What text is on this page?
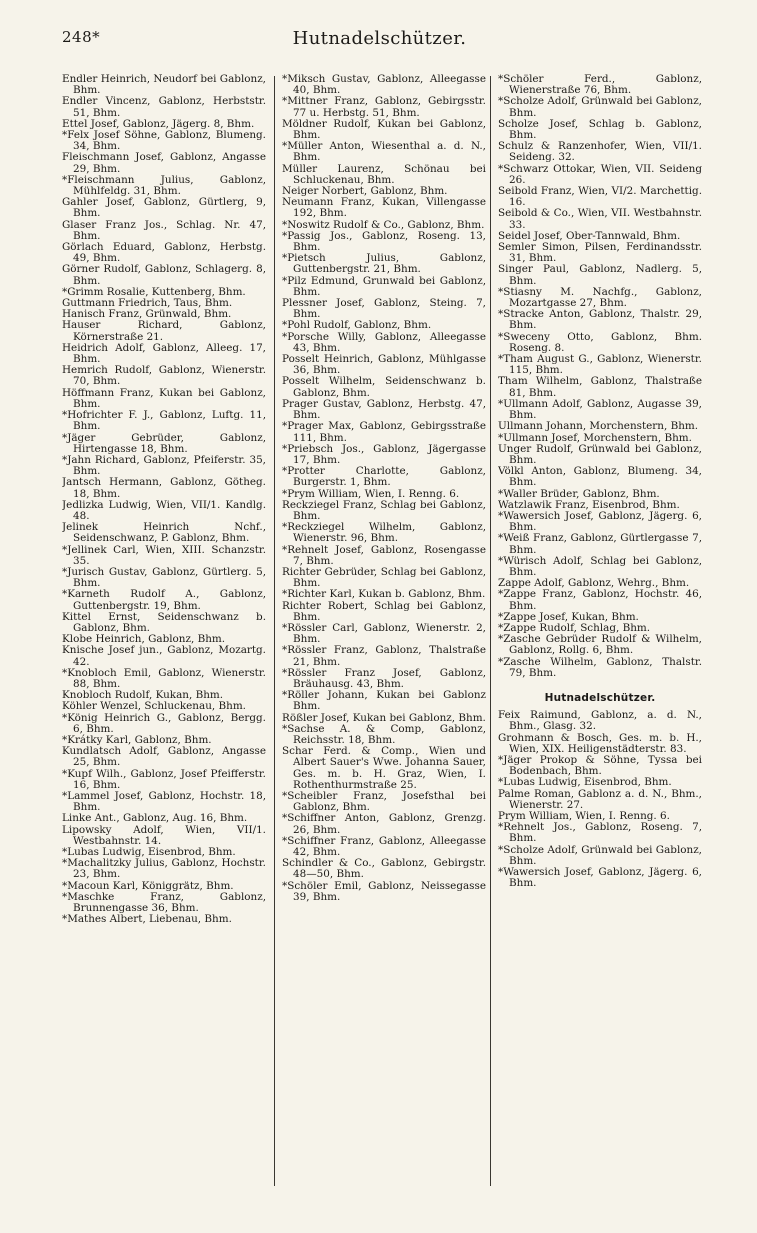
248*	Hutnadelschützer.

Endler Heinrich, Neudorf bei Gablonz, Bhm.

Endler Vincenz, Gablonz, Herbststr. 51, Bhm.

Ettel Josef, Gablonz, Jägerg. 8, Bhm.

*Felx Josef Söhne, Gablonz, Blumeng. 34, Bhm.

Fleischmann Josef, Gablonz, Angasse 29, Bhm.

*Fleischmann Julius, Gablonz, Mühlfeldg. 31, Bhm.

Gahler Josef, Gablonz, Gürtlerg, 9, Bhm.

Glaser Franz Jos., Schlag. Nr. 47, Bhm.

Görlach Eduard, Gablonz, Herbstg. 49, Bhm.

Görner Rudolf, Gablonz, Schlagerg. 8, Bhm.

*Grimm Rosalie, Kuttenberg, Bhm.

Guttmann Friedrich, Taus, Bhm.

Hanisch Franz, Grünwald, Bhm.

Hauser Richard, Gablonz, Körnerstraße 21.

Heidrich Adolf, Gablonz, Alleeg. 17, Bhm.

Hemrich Rudolf, Gablonz, Wienerstr. 70, Bhm.

Höffmann Franz, Kukan bei Gablonz, Bhm.

*Hofrichter F. J., Gablonz, Luftg. 11, Bhm.

*Jäger Gebrüder, Gablonz, Hirtengasse 18, Bhm.

*Jahn Richard, Gablonz, Pfeiferstr. 35, Bhm.

Jantsch Hermann, Gablonz, Götheg. 18, Bhm.

Jedlizka Ludwig, Wien, VII/1. Kandlg. 48.

Jelinek Heinrich Nchf., Seidenschwanz, P. Gablonz, Bhm.

*Jellinek Carl, Wien, XIII. Schanzstr. 35.

*Jurisch Gustav, Gablonz, Gürtlerg. 5, Bhm.

*Karneth Rudolf A., Gablonz, Guttenbergstr. 19, Bhm.

Kittel Ernst, Seidenschwanz b. Gablonz, Bhm.

Klobe Heinrich, Gablonz, Bhm.

Knische Josef jun., Gablonz, Mozartg. 42.

*Knobloch Emil, Gablonz, Wienerstr. 88, Bhm.

Knobloch Rudolf, Kukan, Bhm.

Köhler Wenzel, Schluckenau, Bhm.

*König Heinrich G., Gablonz, Bergg. 6, Bhm.

*Krátky Karl, Gablonz, Bhm.

Kundlatsch Adolf, Gablonz, Angasse 25, Bhm.

*Kupf Wilh., Gablonz, Josef Pfeifferstr. 16, Bhm.

*Lammel Josef, Gablonz, Hochstr. 18, Bhm.

Linke Ant., Gablonz, Aug. 16, Bhm.

Lipowsky Adolf, Wien, VII/1. Westbahnstr. 14.

*Lubas Ludwig, Eisenbrod, Bhm.

*Machalitzky Julius, Gablonz, Hochstr. 23, Bhm.

*Macoun Karl, Königgrätz, Bhm.

*Maschke Franz, Gablonz, Brunnengasse 36, Bhm.

*Mathes Albert, Liebenau, Bhm.

*Miksch Gustav, Gablonz, Alleegasse 40, Bhm.

*Mittner Franz, Gablonz, Gebirgsstr. 77 u. Herbstg. 51, Bhm.

Möldner Rudolf, Kukan bei Gablonz, Bhm.

*Müller Anton, Wiesenthal a. d. N., Bhm.

Müller Laurenz, Schönau bei Schluckenau, Bhm.

Neiger Norbert, Gablonz, Bhm.

Neumann Franz, Kukan, Villengasse 192, Bhm.

*Noswitz Rudolf & Co., Gablonz, Bhm.

*Passig Jos., Gablonz, Roseng. 13, Bhm.

*Pietsch Julius, Gablonz, Guttenbergstr. 21, Bhm.

*Pilz Edmund, Grunwald bei Gablonz, Bhm.

Plessner Josef, Gablonz, Steing. 7, Bhm.

*Pohl Rudolf, Gablonz, Bhm.

*Porsche Willy, Gablonz, Alleegasse 43, Bhm.

Posselt Heinrich, Gablonz, Mühlgasse 36, Bhm.

Posselt Wilhelm, Seidenschwanz b. Gablonz, Bhm.

Prager Gustav, Gablonz, Herbstg. 47, Bhm.

*Prager Max, Gablonz, Gebirgsstraße 111, Bhm.

*Priebsch Jos., Gablonz, Jägergasse 17, Bhm.

*Protter Charlotte, Gablonz, Burgerstr. 1, Bhm.

*Prym William, Wien, I. Renng. 6.

Reckziegel Franz, Schlag bei Gablonz, Bhm.

*Reckziegel Wilhelm, Gablonz, Wienerstr. 96, Bhm.

*Rehnelt Josef, Gablonz, Rosengasse 7, Bhm.

Richter Gebrüder, Schlag bei Gablonz, Bhm.

*Richter Karl, Kukan b. Gablonz, Bhm.

Richter Robert, Schlag bei Gablonz, Bhm.

*Rössler Carl, Gablonz, Wienerstr. 2, Bhm.

*Rössler Franz, Gablonz, Thalstraße 21, Bhm.

*Rössler Franz Josef, Gablonz, Bräuhausg. 43, Bhm.

*Röller Johann, Kukan bei Gablonz Bhm.

Rößler Josef, Kukan bei Gablonz, Bhm.

*Sachse A. & Comp, Gablonz, Reichsstr. 18, Bhm.

Schar Ferd. & Comp., Wien und Albert Sauer's Wwe. Johanna Sauer, Ges. m. b. H. Graz, Wien, I. Rothenthurmstraße 25.

*Scheibler Franz, Josefsthal bei Gablonz, Bhm.

*Schiffner Anton, Gablonz, Grenzg. 26, Bhm.

*Schiffner Franz, Gablonz, Alleegasse 42, Bhm.

Schindler & Co., Gablonz, Gebirgstr. 48—50, Bhm.

*Schöler Emil, Gablonz, Neissegasse 39, Bhm.

*Schöler Ferd., Gablonz, Wienerstraße 76, Bhm.

*Scholze Adolf, Grünwald bei Gablonz, Bhm.

Scholze Josef, Schlag b. Gablonz, Bhm.

Schulz & Ranzenhofer, Wien, VII/1. Seideng. 32.

*Schwarz Ottokar, Wien, VII. Seideng 26.

Seibold Franz, Wien, VI/2. Marchettig. 16.

Seibold & Co., Wien, VII. Westbahnstr. 33.

Seidel Josef, Ober-Tannwald, Bhm.

Semler Simon, Pilsen, Ferdinandsstr. 31, Bhm.

Singer Paul, Gablonz, Nadlerg. 5, Bhm.

*Stiasny M. Nachfg., Gablonz, Mozartgasse 27, Bhm.

*Stracke Anton, Gablonz, Thalstr. 29, Bhm.

*Sweceny Otto, Gablonz, Bhm. Roseng. 8.

*Tham August G., Gablonz, Wienerstr. 115, Bhm.

Tham Wilhelm, Gablonz, Thalstraße 81, Bhm.

*Ullmann Adolf, Gablonz, Augasse 39, Bhm.

Ullmann Johann, Morchenstern, Bhm.

*Ullmann Josef, Morchenstern, Bhm.

Unger Rudolf, Grünwald bei Gablonz, Bhm.

Völkl Anton, Gablonz, Blumeng. 34, Bhm.

*Waller Brüder, Gablonz, Bhm.

Watzlawik Franz, Eisenbrod, Bhm.

*Wawersich Josef, Gablonz, Jägerg. 6, Bhm.

*Weiß Franz, Gablonz, Gürtlergasse 7, Bhm.

*Würisch Adolf, Schlag bei Gablonz, Bhm.

Zappe Adolf, Gablonz, Wehrg., Bhm.

*Zappe Franz, Gablonz, Hochstr. 46, Bhm.

*Zappe Josef, Kukan, Bhm.

*Zappe Rudolf, Schlag, Bhm.

*Zasche Gebrüder Rudolf & Wilhelm, Gablonz, Rollg. 6, Bhm.

*Zasche Wilhelm, Gablonz, Thalstr. 79, Bhm.

Hutnadelschützer.

Feix Raimund, Gablonz, a. d. N., Bhm., Glasg. 32.

Grohmann & Bosch, Ges. m. b. H., Wien, XIX. Heiligenstädterstr. 83.

*Jäger Prokop & Söhne, Tyssa bei Bodenbach, Bhm.

*Lubas Ludwig, Eisenbrod, Bhm.

Palme Roman, Gablonz a. d. N., Bhm., Wienerstr. 27.

Prym William, Wien, I. Renng. 6.

*Rehnelt Jos., Gablonz, Roseng. 7, Bhm.

*Scholze Adolf, Grünwald bei Gablonz, Bhm.

*Wawersich Josef, Gablonz, Jägerg. 6, Bhm.
